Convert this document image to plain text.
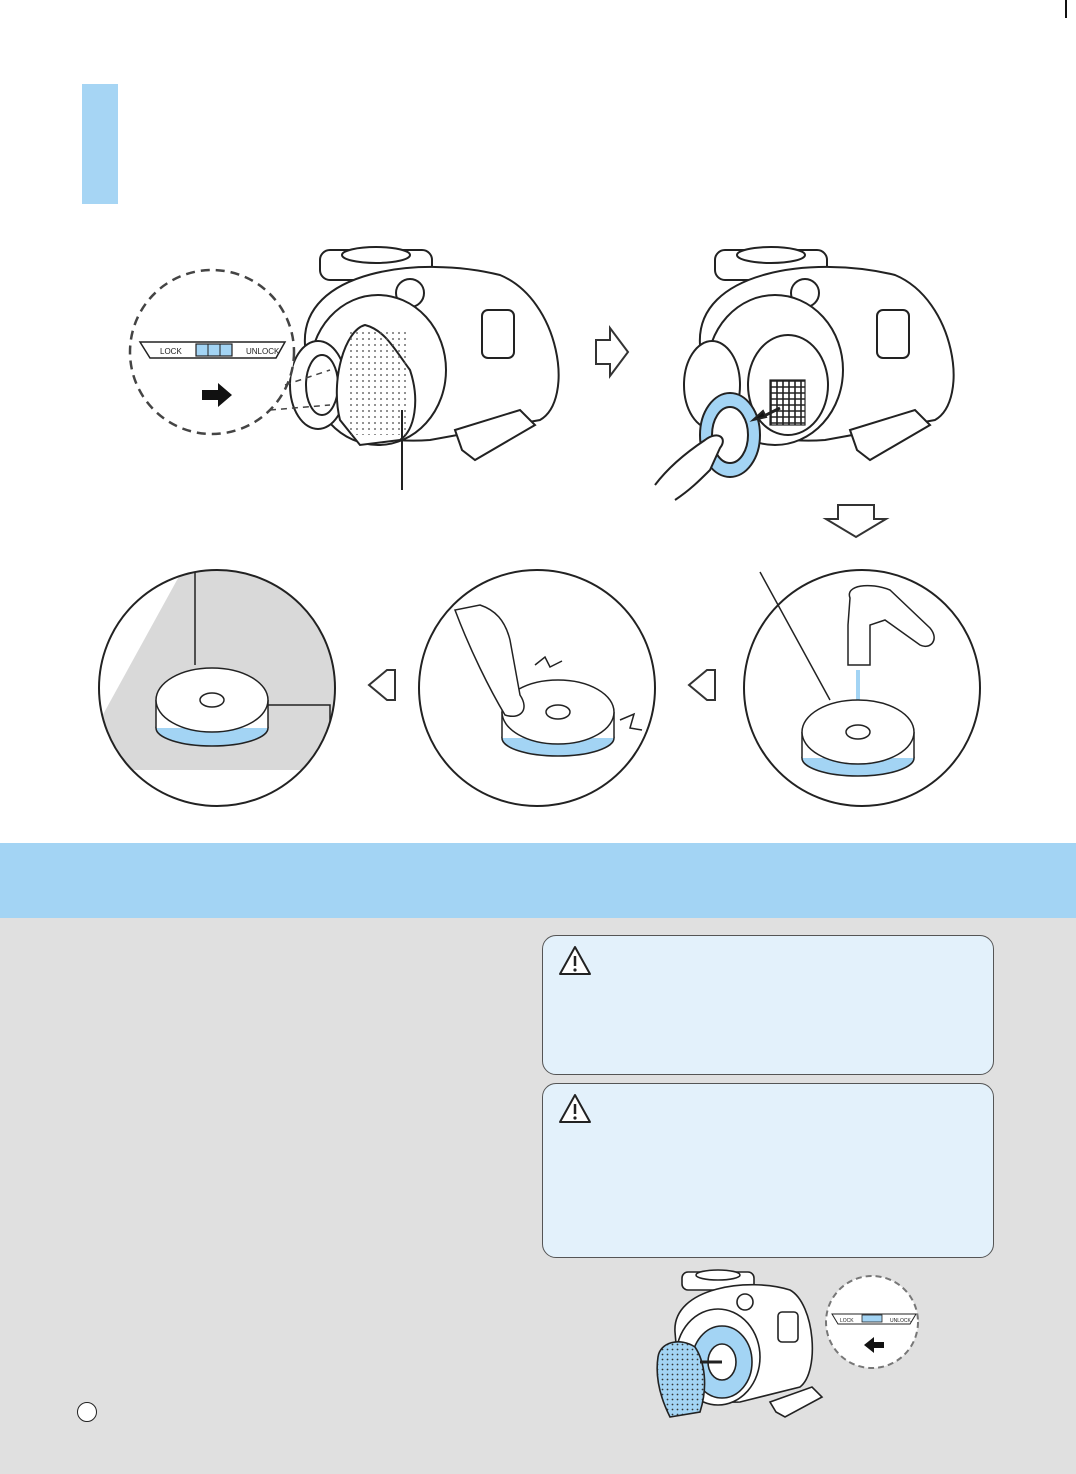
LOCK	UNLOCK
LOCK	UNLOCK
